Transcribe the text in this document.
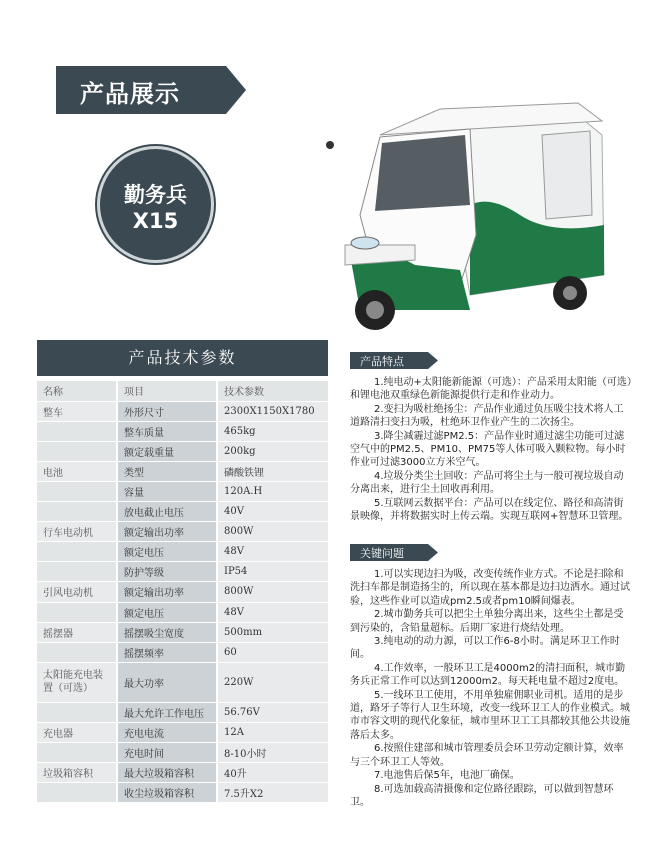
产品展示
勤务兵
X15
产品技术参数
名称	项目	技术参数
整车	外形尺寸	2300X1150X1780
	整车质量	465kg
	额定载重量	200kg
电池	类型	磷酸铁锂
	容量	120A.H
	放电截止电压	40V
行车电动机	额定输出功率	800W
	额定电压	48V
	防护等级	IP54
引风电动机	额定输出功率	800W
	额定电压	48V
摇摆器	摇摆吸尘宽度	500mm
	摇摆频率	60
太阳能充电装置（可选）	最大功率	220W
	最大允许工作电压	56.76V
充电器	充电电流	12A
	充电时间	8-10小时
垃圾箱容积	最大垃圾箱容积	40升
	收尘垃圾箱容积	7.5升X2
产品特点

1.纯电动+太阳能新能源（可选）：产品采用太阳能（可选）和锂电池双重绿色新能源提供行走和作业动力。

2.变扫为吸杜绝扬尘：产品作业通过负压吸尘技术将人工道路清扫变扫为吸，杜绝环卫作业产生的二次扬尘。

3.降尘减霾过滤PM2.5：产品作业时通过滤尘功能可过滤空气中的PM2.5、PM10、PM75等人体可吸入颗粒物。每小时作业可过滤3000立方米空气。

4.垃圾分类尘土回收：产品可将尘土与一般可视垃圾自动分离出来，进行尘土回收再利用。

5.互联网云数据平台：产品可以在线定位、路径和高清街景映像，并将数据实时上传云端。实现互联网+智慧环卫管理。

关键问题

1.可以实现边扫为吸，改变传统作业方式。不论是扫除和洗扫车都是制造扬尘的，所以现在基本都是边扫边洒水。通过试验，这些作业可以造成pm2.5或者pm10瞬间爆表。

2.城市勤务兵可以把尘土单独分离出来，这些尘土都是受到污染的，含铅量超标。后期厂家进行烧结处理。

3.纯电动的动力源，可以工作6-8小时。满足环卫工作时间。

4.工作效率，一般环卫工是4000m2的清扫面积，城市勤务兵正常工作可以达到12000m2。每天耗电量不超过2度电。

5.一线环卫工使用，不用单独雇佣职业司机。适用的是步道，路牙子等行人卫生环境，改变一线环卫工人的作业模式。城市市容文明的现代化象征，城市里环卫工工具都较其他公共设施落后太多。

6.按照住建部和城市管理委员会环卫劳动定额计算，效率与三个环卫工人等效。

7.电池售后保5年，电池厂确保。

8.可选加载高清摄像和定位路径跟踪，可以做到智慧环卫。
